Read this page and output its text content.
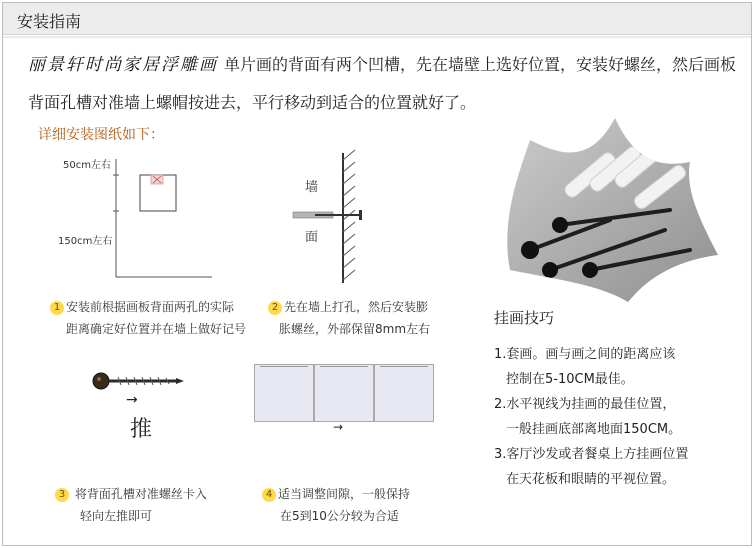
安装指南
丽景轩时尚家居浮雕画 单片画的背面有两个凹槽，先在墙壁上选好位置，安装好螺丝，然后画板背面孔槽对准墙上螺帽按进去，平行移动到适合的位置就好了。
详细安装图纸如下：
50cm左右
150cm左右
墙
面
1 安装前根据画板背面两孔的实际
距离确定好位置并在墙上做好记号
2 先在墙上打孔，然后安装膨
胀螺丝，外部保留8mm左右
→
推	→
3 将背面孔槽对准螺丝卡入
轻向左推即可
4 适当调整间隙，一般保持
在5到10公分较为合适
挂画技巧
1.套画。画与画之间的距离应该
控制在5-10CM最佳。
2.水平视线为挂画的最佳位置，
一般挂画底部离地面150CM。
3.客厅沙发或者餐桌上方挂画位置
在天花板和眼睛的平视位置。
